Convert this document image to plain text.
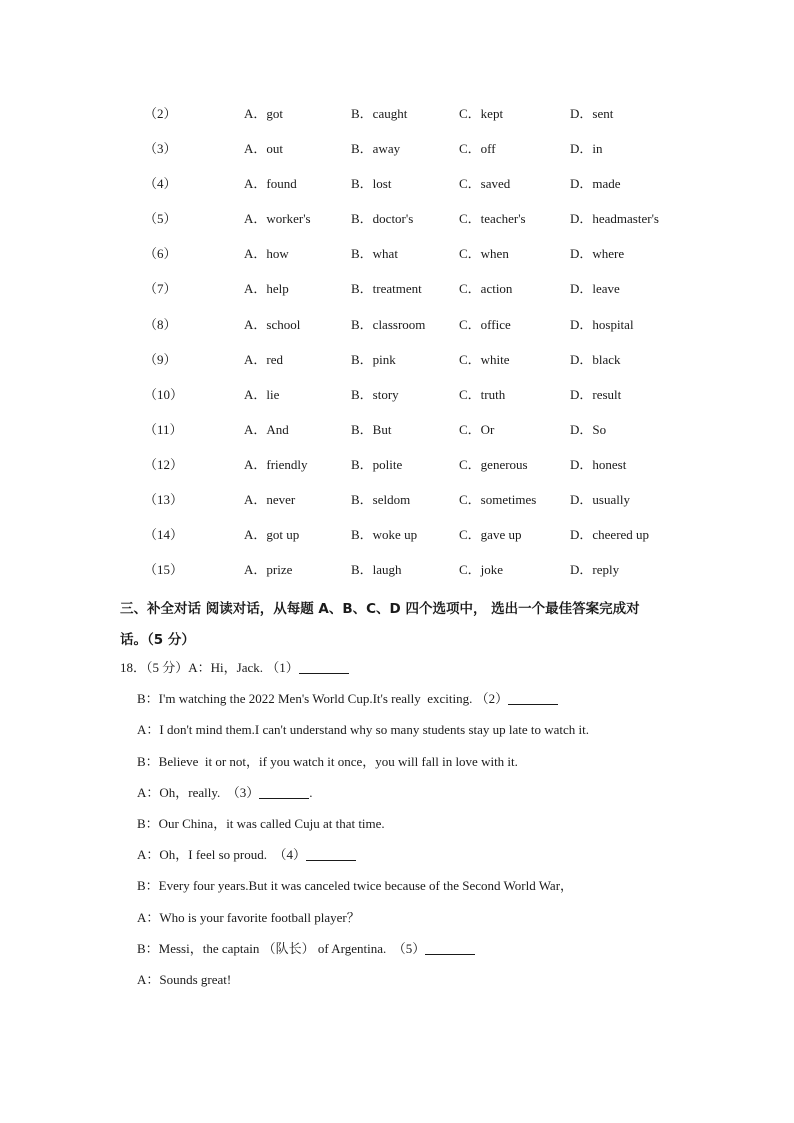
（2）	A．got	B．caught	C．kept	D．sent
（3）	A．out	B．away	C．off	D．in
（4）	A．found	B．lost	C．saved	D．made
（5）	A．worker's	B．doctor's	C．teacher's	D．headmaster's
（6）	A．how	B．what	C．when	D．where
（7）	A．help	B．treatment	C．action	D．leave
（8）	A．school	B．classroom	C．office	D．hospital
（9）	A．red	B．pink	C．white	D．black
（10）	A．lie	B．story	C．truth	D．result
（11）	A．And	B．But	C．Or	D．So
（12）	A．friendly	B．polite	C．generous	D．honest
（13）	A．never	B．seldom	C．sometimes	D．usually
（14）	A．got up	B．woke up	C．gave up	D．cheered up
（15）	A．prize	B．laugh	C．joke	D．reply
三、补全对话 阅读对话，从每题 A、B、C、D 四个选项中， 选出一个最佳答案完成对
话。（5 分）
18．（5 分）A：Hi，Jack. （1）
B：I'm watching the 2022 Men's World Cup.It's really  exciting. （2）
A：I don't mind them.I can't understand why so many students stay up late to watch it.
B：Believe  it or not，if you watch it once，you will fall in love with it.
A：Oh，really.  （3）	.
B：Our China，it was called Cuju at that time.
A：Oh，I feel so proud.  （4）
B：Every four years.But it was canceled twice because of the Second World War，
A：Who is your favorite football player？
B：Messi，the captain （队长） of Argentina.  （5）
A：Sounds great!
